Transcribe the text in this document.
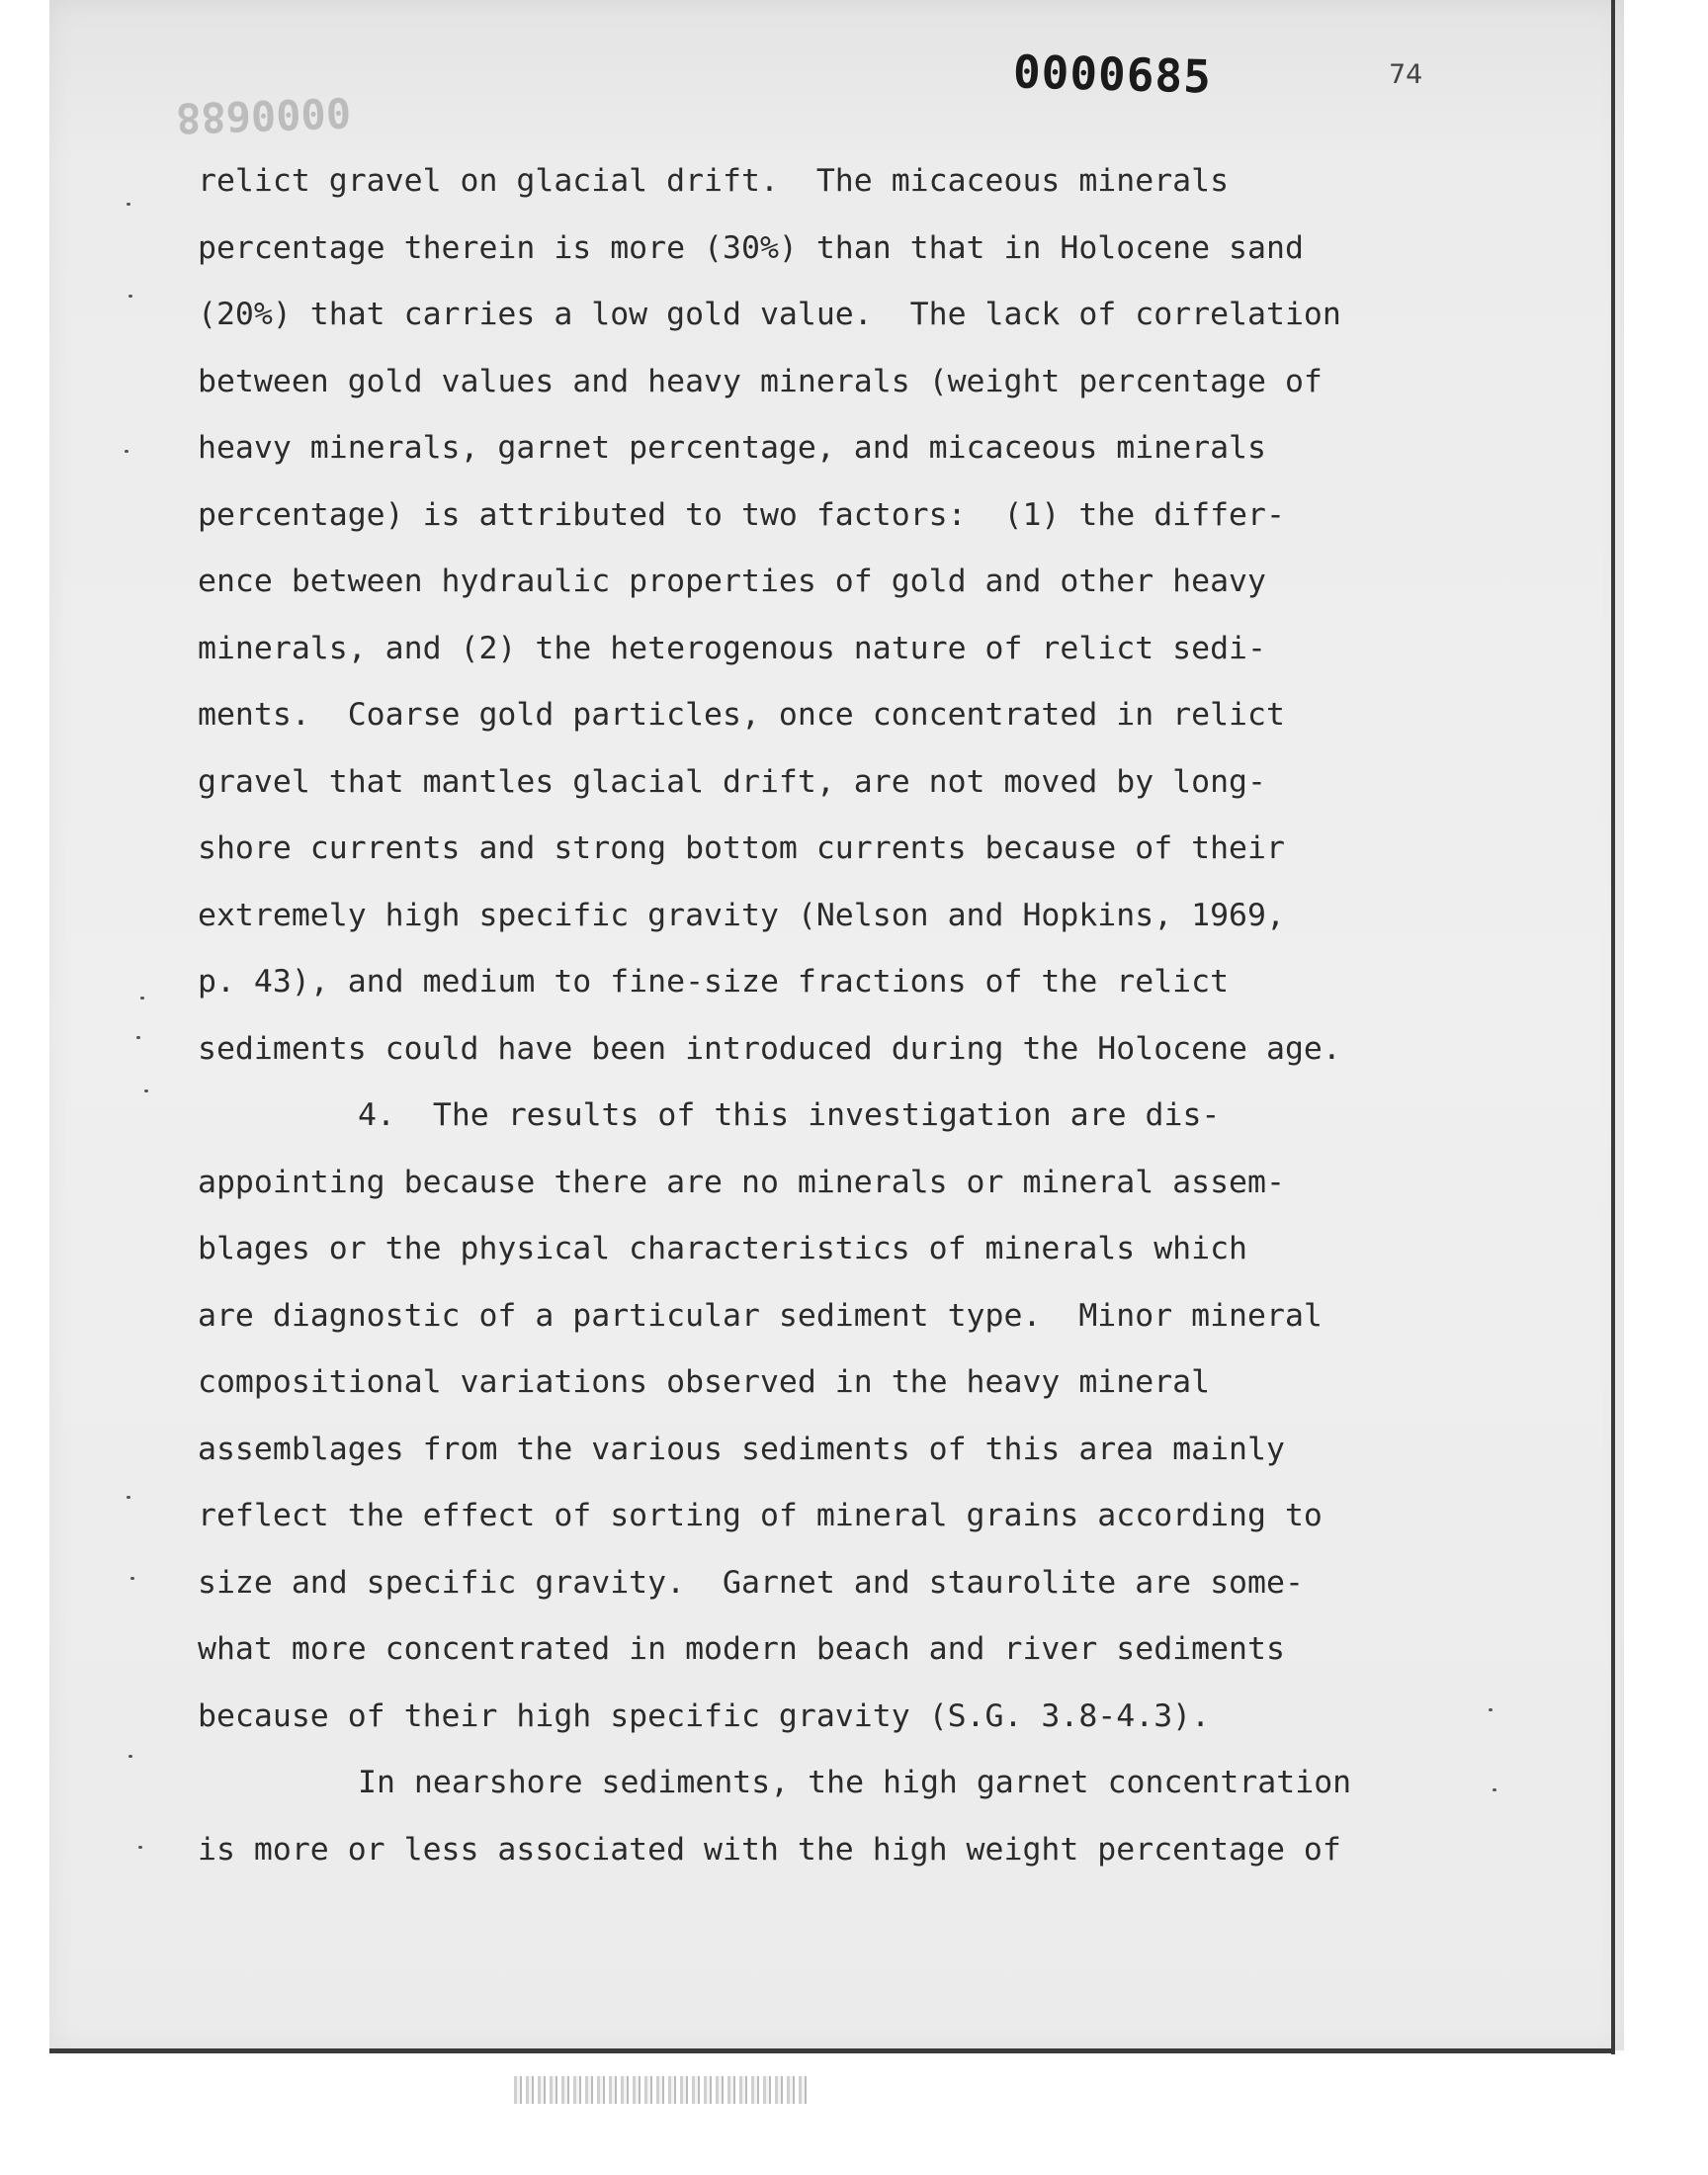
0000688
0000685	74
relict gravel on glacial drift.  The micaceous minerals
percentage therein is more (30%) than that in Holocene sand
(20%) that carries a low gold value.  The lack of correlation
between gold values and heavy minerals (weight percentage of
heavy minerals, garnet percentage, and micaceous minerals
percentage) is attributed to two factors:  (1) the differ-
ence between hydraulic properties of gold and other heavy
minerals, and (2) the heterogenous nature of relict sedi-
ments.  Coarse gold particles, once concentrated in relict
gravel that mantles glacial drift, are not moved by long-
shore currents and strong bottom currents because of their
extremely high specific gravity (Nelson and Hopkins, 1969,
p. 43), and medium to fine-size fractions of the relict
sediments could have been introduced during the Holocene age.
4.  The results of this investigation are dis-
appointing because there are no minerals or mineral assem-
blages or the physical characteristics of minerals which
are diagnostic of a particular sediment type.  Minor mineral
compositional variations observed in the heavy mineral
assemblages from the various sediments of this area mainly
reflect the effect of sorting of mineral grains according to
size and specific gravity.  Garnet and staurolite are some-
what more concentrated in modern beach and river sediments
because of their high specific gravity (S.G. 3.8-4.3).
In nearshore sediments, the high garnet concentration
is more or less associated with the high weight percentage of
